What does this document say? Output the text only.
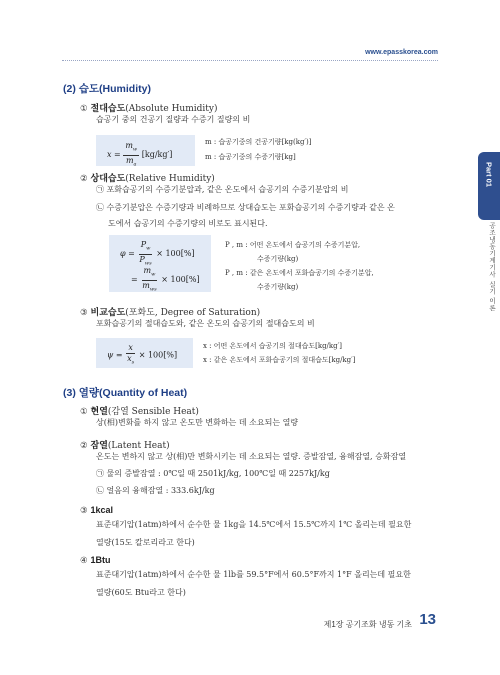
www.epasskorea.com
Part 01
공조냉동기계기사 실기 이론
(2) 습도(Humidity)
① 절대습도(Absolute Humidity)
습공기 중의 건공기 질량과 수증기 질량의 비
$x = \frac{m_w}{m_a} [kg/kg']$
m : 습공기중의 건공기량[kg(kg′)]
m : 습공기중의 수증기량[kg]
② 상대습도(Relative Humidity)
㉠ 포화습공기의 수증기분압과, 같은 온도에서 습공기의 수증기분압의 비
㉡ 수증기분압은 수증기량과 비례하므로 상대습도는 포화습공기의 수증기량과 같은 온
도에서 습공기의 수증기량의 비로도 표시된다.
$\varphi = \frac{P_w}{P_{ws}} \times 100[\%]$
= $\frac{m_w}{m_{ws}} \times 100[\%]$
P , m : 어떤 온도에서 습공기의 수증기분압,
수증기량(kg)
P , m : 같은 온도에서 포화습공기의 수증기분압,
수증기량(kg)
③ 비교습도(포화도, Degree of Saturation)
포화습공기의 절대습도와, 같은 온도의 습공기의 절대습도의 비
$\psi = \frac{x}{x_s} \times 100[\%]$
x : 어떤 온도에서 습공기의 절대습도[kg/kg′]
x : 같은 온도에서 포화습공기의 절대습도[kg/kg′]
(3) 열량(Quantity of Heat)
① 현열(감열 Sensible Heat)
상(相)변화를 하지 않고 온도만 변화하는 데 소요되는 열량
② 잠열(Latent Heat)
온도는 변하지 않고 상(相)만 변화시키는 데 소요되는 열량. 증발잠열, 융해잠열, 승화잠열
㉠ 물의 증발잠열 : 0℃일 때 2501kJ/kg, 100℃일 때 2257kJ/kg
㉡ 얼음의 융해잠열 : 333.6kJ/kg
③ 1kcal
표준대기압(1atm)하에서 순수한 물 1kg을 14.5℃에서 15.5℃까지 1℃ 올리는데 필요한
열량(15도 칼로리라고 한다)
④ 1Btu
표준대기압(1atm)하에서 순수한 물 1lb를 59.5°F에서 60.5°F까지 1°F 올리는데 필요한
열량(60도 Btu라고 한다)
제1장 공기조화 냉동 기초 13
